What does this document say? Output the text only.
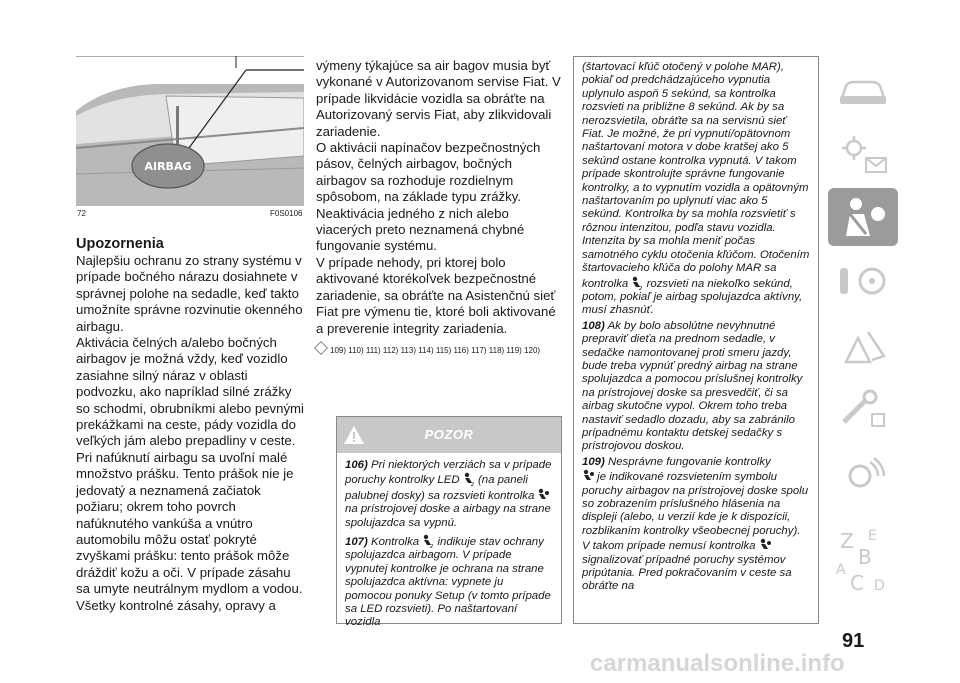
AIRBAG
72	F0S0106

Upozornenia

Najlepšiu ochranu zo strany systému v prípade bočného nárazu dosiahnete v správnej polohe na sedadle, keď takto umožníte správne rozvinutie okenného airbagu.

Aktivácia čelných a/alebo bočných airbagov je možná vždy, keď vozidlo zasiahne silný náraz v oblasti podvozku, ako napríklad silné zrážky so schodmi, obrubníkmi alebo pevnými prekážkami na ceste, pády vozidla do veľkých jám alebo prepadliny v ceste.

Pri nafúknutí airbagu sa uvoľní malé množstvo prášku. Tento prášok nie je jedovatý a neznamená začiatok požiaru; okrem toho povrch nafúknutého vankúša a vnútro automobilu môžu ostať pokryté zvyškami prášku: tento prášok môže dráždiť kožu a oči. V prípade zásahu sa umyte neutrálnym mydlom a vodou. Všetky kontrolné zásahy, opravy a

výmeny týkajúce sa air bagov musia byť vykonané v Autorizovanom servise Fiat. V prípade likvidácie vozidla sa obráťte na Autorizovaný servis Fiat, aby zlikvidovali zariadenie.

O aktivácii napínačov bezpečnostných pásov, čelných airbagov, bočných airbagov sa rozhoduje rozdielnym spôsobom, na základe typu zrážky. Neaktivácia jedného z nich alebo viacerých preto neznamená chybné fungovanie systému.

V prípade nehody, pri ktorej bolo aktivované ktorékoľvek bezpečnostné zariadenie, sa obráťte na Asistenčnú sieť Fiat pre výmenu tie, ktoré boli aktivované a preverenie integrity zariadenia.

109) 110) 111) 112) 113) 114) 115) 116) 117) 118) 119) 120)

POZOR

106) Pri niektorých verziách sa v prípade poruchy kontrolky LED 2 (na paneli palubnej dosky) sa rozsvieti kontrolka  na prístrojovej doske a airbagy na strane spolujazdca sa vypnú.

107) Kontrolka 2 indikuje stav ochrany spolujazdca airbagom. V prípade vypnutej kontrolke je ochrana na strane spolujazdca aktívna: vypnete ju pomocou ponuky Setup (v tomto prípade sa LED rozsvieti). Po naštartovaní vozidla

(štartovací kľúč otočený v polohe MAR), pokiaľ od predchádzajúceho vypnutia uplynulo aspoň 5 sekúnd, sa kontrolka rozsvieti na približne 8 sekúnd. Ak by sa nerozsvietila, obráťte sa na servisnú sieť Fiat. Je možné, že pri vypnutí/opätovnom naštartovaní motora v dobe kratšej ako 5 sekúnd ostane kontrolka vypnutá. V takom prípade skontrolujte správne fungovanie kontrolky, a to vypnutím vozidla a opätovným naštartovaním po uplynutí viac ako 5 sekúnd. Kontrolka by sa mohla rozsvietiť s rôznou intenzitou, podľa stavu vozidla. Intenzita by sa mohla meniť počas samotného cyklu otočenia kľúčom. Otočením štartovacieho kľúča do polohy MAR sa kontrolka 2 rozsvieti na niekoľko sekúnd, potom, pokiaľ je airbag spolujazdca aktívny, musí zhasnúť.

108) Ak by bolo absolútne nevyhnutné prepraviť dieťa na prednom sedadle, v sedačke namontovanej proti smeru jazdy, bude treba vypnúť predný airbag na strane spolujazdca a pomocou príslušnej kontrolky na prístrojovej doske sa presvedčiť, či sa airbag skutočne vypol. Okrem toho treba nastaviť sedadlo dozadu, aby sa zabránilo prípadnému kontaktu detskej sedačky s prístrojovou doskou.

109) Nesprávne fungovanie kontrolky
je indikované rozsvietením symbolu poruchy airbagov na prístrojovej doske spolu so zobrazením príslušného hlásenia na displeji (alebo, u verzií kde je k dispozícii, rozblikaním kontrolky všeobecnej poruchy). V takom prípade nemusí kontrolka  signalizovať prípadné poruchy systémov pripútania. Pred pokračovaním v ceste sa obráťte na

Z E
B
C
A
D
91
carmanualsonline.info
